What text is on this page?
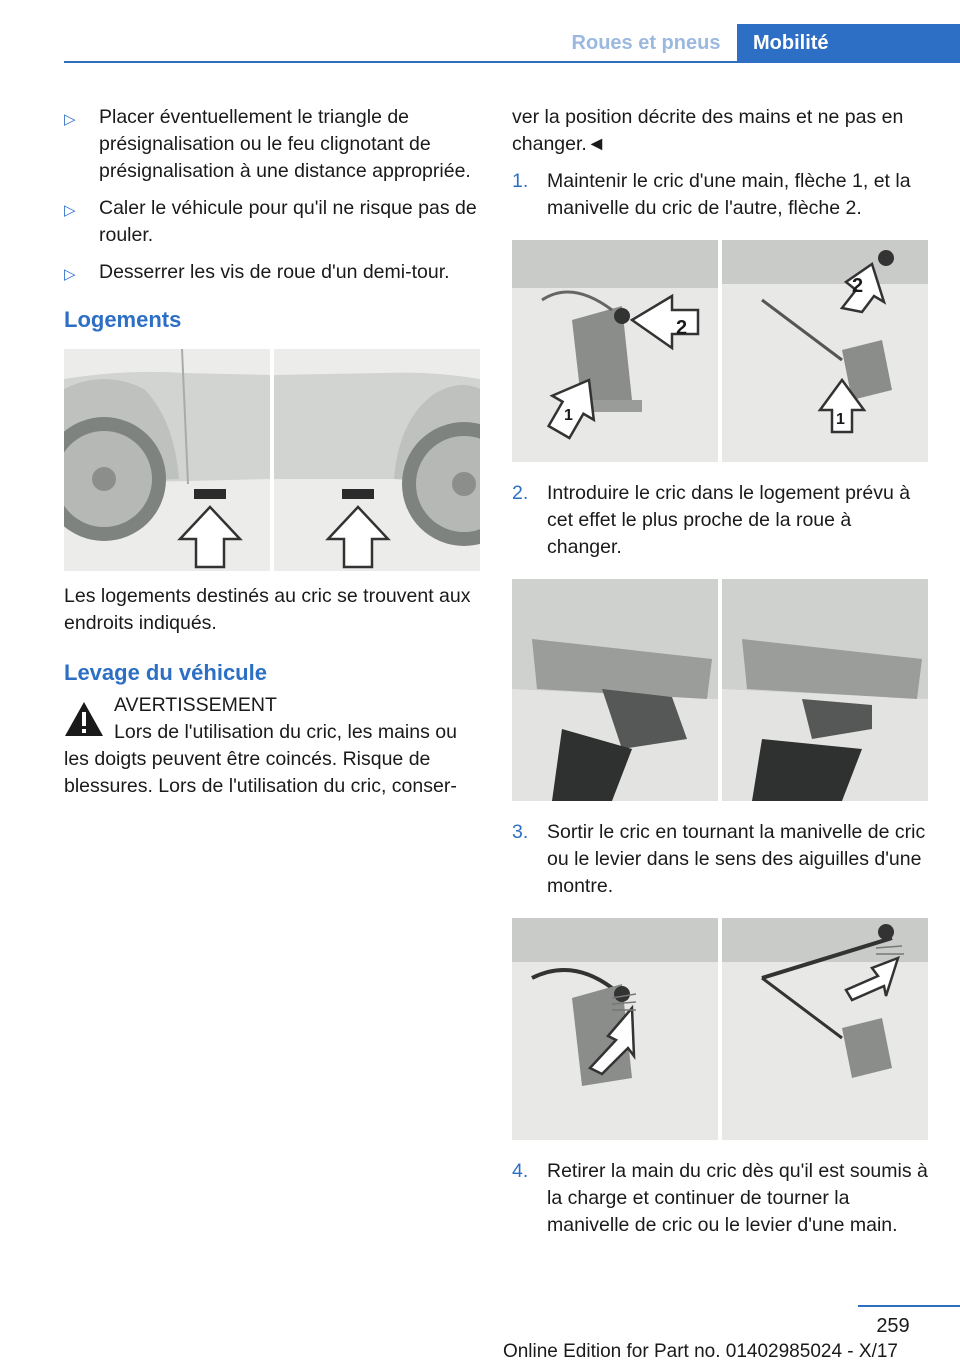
Roues et pneus	Mobilité
▷ Placer éventuellement le triangle de présignalisation ou le feu clignotant de présignalisation à une distance appropriée.
▷ Caler le véhicule pour qu'il ne risque pas de rouler.
▷ Desserrer les vis de roue d'un demi-tour.
Logements

Les logements destinés au cric se trouvent aux endroits indiqués.

Levage du véhicule
AVERTISSEMENT
Lors de l'utilisation du cric, les mains ou les doigts peuvent être coincés. Risque de blessures. Lors de l'utilisation du cric, conser-

ver la position décrite des mains et ne pas en changer.◄

1. Maintenir le cric d'une main, flèche 1, et la manivelle du cric de l'autre, flèche 2.
2
1
2
1
2. Introduire le cric dans le logement prévu à cet effet le plus proche de la roue à changer.
3. Sortir le cric en tournant la manivelle de cric ou le levier dans le sens des aiguilles d'une montre.
4. Retirer la main du cric dès qu'il est soumis à la charge et continuer de tourner la manivelle de cric ou le levier d'une main.
259
Online Edition for Part no. 01402985024 - X/17
